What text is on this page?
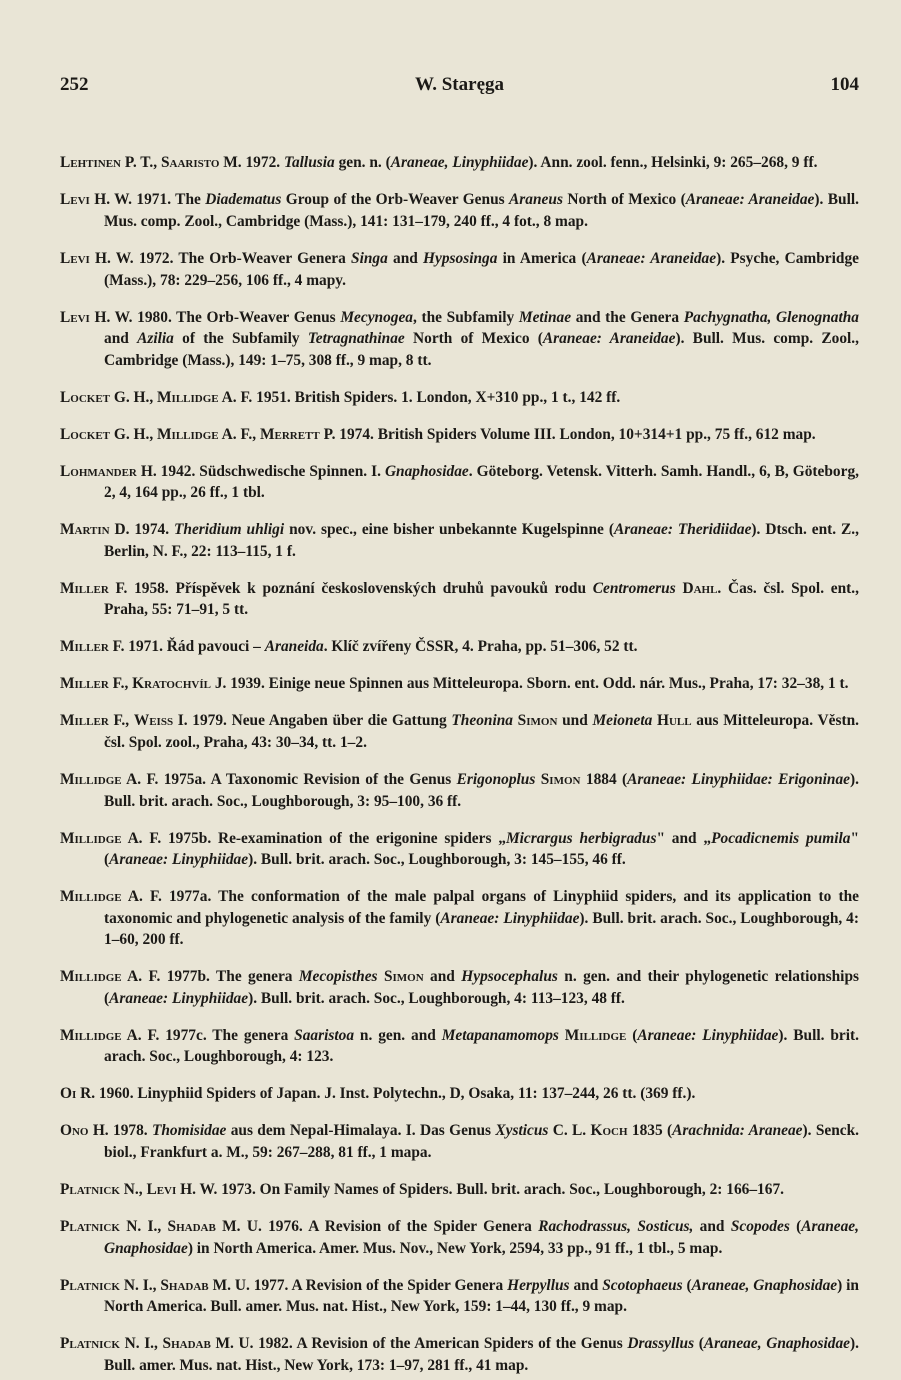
252	W. Staręga	104

Lehtinen P. T., Saaristo M. 1972. Tallusia gen. n. (Araneae, Linyphiidae). Ann. zool. fenn., Helsinki, 9: 265–268, 9 ff.

Levi H. W. 1971. The Diadematus Group of the Orb-Weaver Genus Araneus North of Mexico (Araneae: Araneidae). Bull. Mus. comp. Zool., Cambridge (Mass.), 141: 131–179, 240 ff., 4 fot., 8 map.

Levi H. W. 1972. The Orb-Weaver Genera Singa and Hypsosinga in America (Araneae: Araneidae). Psyche, Cambridge (Mass.), 78: 229–256, 106 ff., 4 mapy.

Levi H. W. 1980. The Orb-Weaver Genus Mecynogea, the Subfamily Metinae and the Genera Pachygnatha, Glenognatha and Azilia of the Subfamily Tetragnathinae North of Mexico (Araneae: Araneidae). Bull. Mus. comp. Zool., Cambridge (Mass.), 149: 1–75, 308 ff., 9 map, 8 tt.

Locket G. H., Millidge A. F. 1951. British Spiders. 1. London, X+310 pp., 1 t., 142 ff.

Locket G. H., Millidge A. F., Merrett P. 1974. British Spiders Volume III. London, 10+314+1 pp., 75 ff., 612 map.

Lohmander H. 1942. Südschwedische Spinnen. I. Gnaphosidae. Göteborg. Vetensk. Vitterh. Samh. Handl., 6, B, Göteborg, 2, 4, 164 pp., 26 ff., 1 tbl.

Martin D. 1974. Theridium uhligi nov. spec., eine bisher unbekannte Kugelspinne (Araneae: Theridiidae). Dtsch. ent. Z., Berlin, N. F., 22: 113–115, 1 f.

Miller F. 1958. Příspěvek k poznání československých druhů pavouků rodu Centromerus Dahl. Čas. čsl. Spol. ent., Praha, 55: 71–91, 5 tt.

Miller F. 1971. Řád pavouci – Araneida. Klíč zvířeny ČSSR, 4. Praha, pp. 51–306, 52 tt.

Miller F., Kratochvíl J. 1939. Einige neue Spinnen aus Mitteleuropa. Sborn. ent. Odd. nár. Mus., Praha, 17: 32–38, 1 t.

Miller F., Weiss I. 1979. Neue Angaben über die Gattung Theonina Simon und Meioneta Hull aus Mitteleuropa. Věstn. čsl. Spol. zool., Praha, 43: 30–34, tt. 1–2.

Millidge A. F. 1975a. A Taxonomic Revision of the Genus Erigonoplus Simon 1884 (Araneae: Linyphiidae: Erigoninae). Bull. brit. arach. Soc., Loughborough, 3: 95–100, 36 ff.

Millidge A. F. 1975b. Re-examination of the erigonine spiders „Micrargus herbigradus" and „Pocadicnemis pumila" (Araneae: Linyphiidae). Bull. brit. arach. Soc., Loughborough, 3: 145–155, 46 ff.

Millidge A. F. 1977a. The conformation of the male palpal organs of Linyphiid spiders, and its application to the taxonomic and phylogenetic analysis of the family (Araneae: Linyphiidae). Bull. brit. arach. Soc., Loughborough, 4: 1–60, 200 ff.

Millidge A. F. 1977b. The genera Mecopisthes Simon and Hypsocephalus n. gen. and their phylogenetic relationships (Araneae: Linyphiidae). Bull. brit. arach. Soc., Loughborough, 4: 113–123, 48 ff.

Millidge A. F. 1977c. The genera Saaristoa n. gen. and Metapanamomops Millidge (Araneae: Linyphiidae). Bull. brit. arach. Soc., Loughborough, 4: 123.

Oi R. 1960. Linyphiid Spiders of Japan. J. Inst. Polytechn., D, Osaka, 11: 137–244, 26 tt. (369 ff.).

Ono H. 1978. Thomisidae aus dem Nepal-Himalaya. I. Das Genus Xysticus C. L. Koch 1835 (Arachnida: Araneae). Senck. biol., Frankfurt a. M., 59: 267–288, 81 ff., 1 mapa.

Platnick N., Levi H. W. 1973. On Family Names of Spiders. Bull. brit. arach. Soc., Loughborough, 2: 166–167.

Platnick N. I., Shadab M. U. 1976. A Revision of the Spider Genera Rachodrassus, Sosticus, and Scopodes (Araneae, Gnaphosidae) in North America. Amer. Mus. Nov., New York, 2594, 33 pp., 91 ff., 1 tbl., 5 map.

Platnick N. I., Shadab M. U. 1977. A Revision of the Spider Genera Herpyllus and Scotophaeus (Araneae, Gnaphosidae) in North America. Bull. amer. Mus. nat. Hist., New York, 159: 1–44, 130 ff., 9 map.

Platnick N. I., Shadab M. U. 1982. A Revision of the American Spiders of the Genus Drassyllus (Araneae, Gnaphosidae). Bull. amer. Mus. nat. Hist., New York, 173: 1–97, 281 ff., 41 map.
